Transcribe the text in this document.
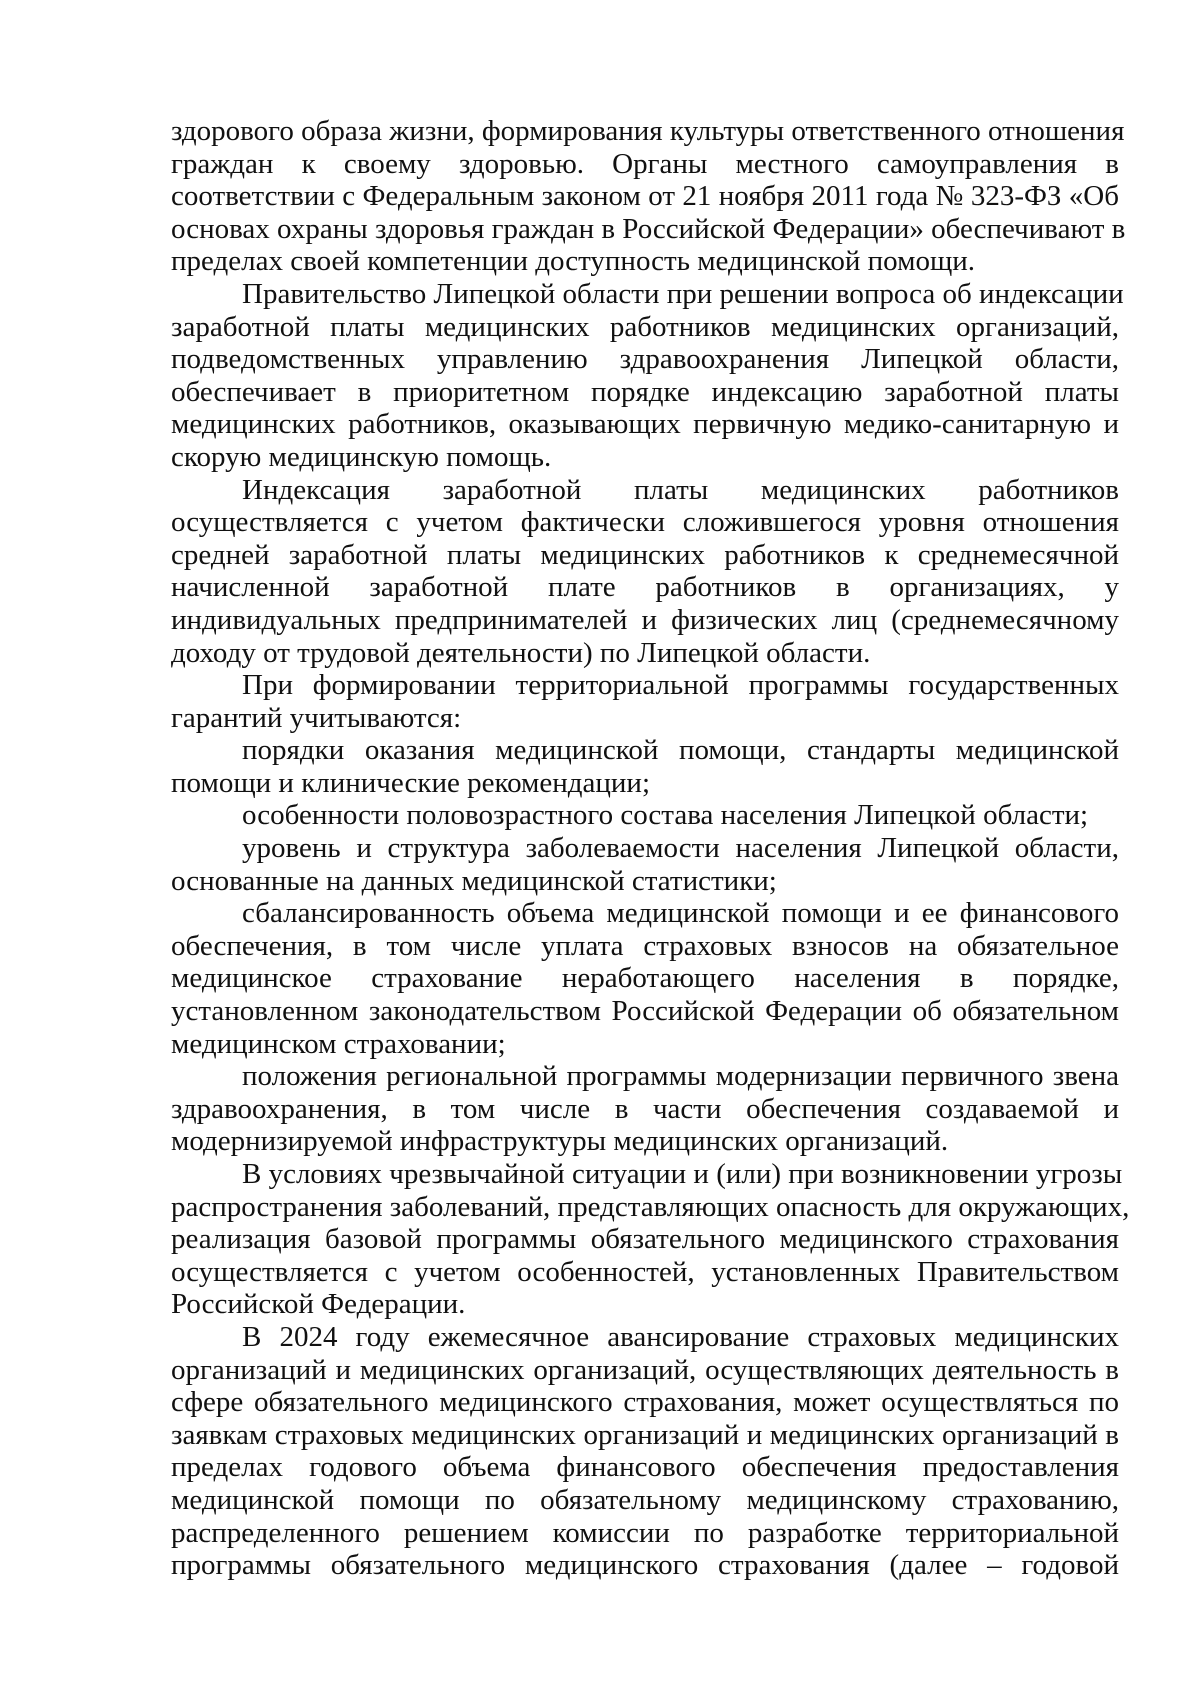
здорового образа жизни, формирования культуры ответственного отношения
граждан к своему здоровью. Органы местного самоуправления в
соответствии с Федеральным законом от 21 ноября 2011 года № 323-ФЗ «Об
основах охраны здоровья граждан в Российской Федерации» обеспечивают в
пределах своей компетенции доступность медицинской помощи.

Правительство Липецкой области при решении вопроса об индексации
заработной платы медицинских работников медицинских организаций,
подведомственных управлению здравоохранения Липецкой области,
обеспечивает в приоритетном порядке индексацию заработной платы
медицинских работников, оказывающих первичную медико-санитарную и
скорую медицинскую помощь.

Индексация заработной платы медицинских работников
осуществляется с учетом фактически сложившегося уровня отношения
средней заработной платы медицинских работников к среднемесячной
начисленной заработной плате работников в организациях, у
индивидуальных предпринимателей и физических лиц (среднемесячному
доходу от трудовой деятельности) по Липецкой области.

При формировании территориальной программы государственных
гарантий учитываются:

порядки оказания медицинской помощи, стандарты медицинской
помощи и клинические рекомендации;

особенности половозрастного состава населения Липецкой области;

уровень и структура заболеваемости населения Липецкой области,
основанные на данных медицинской статистики;

сбалансированность объема медицинской помощи и ее финансового
обеспечения, в том числе уплата страховых взносов на обязательное
медицинское страхование неработающего населения в порядке,
установленном законодательством Российской Федерации об обязательном
медицинском страховании;

положения региональной программы модернизации первичного звена
здравоохранения, в том числе в части обеспечения создаваемой и
модернизируемой инфраструктуры медицинских организаций.

В условиях чрезвычайной ситуации и (или) при возникновении угрозы
распространения заболеваний, представляющих опасность для окружающих,
реализация базовой программы обязательного медицинского страхования
осуществляется с учетом особенностей, установленных Правительством
Российской Федерации.

В 2024 году ежемесячное авансирование страховых медицинских
организаций и медицинских организаций, осуществляющих деятельность в
сфере обязательного медицинского страхования, может осуществляться по
заявкам страховых медицинских организаций и медицинских организаций в
пределах годового объема финансового обеспечения предоставления
медицинской помощи по обязательному медицинскому страхованию,
распределенного решением комиссии по разработке территориальной
программы обязательного медицинского страхования (далее – годовой
